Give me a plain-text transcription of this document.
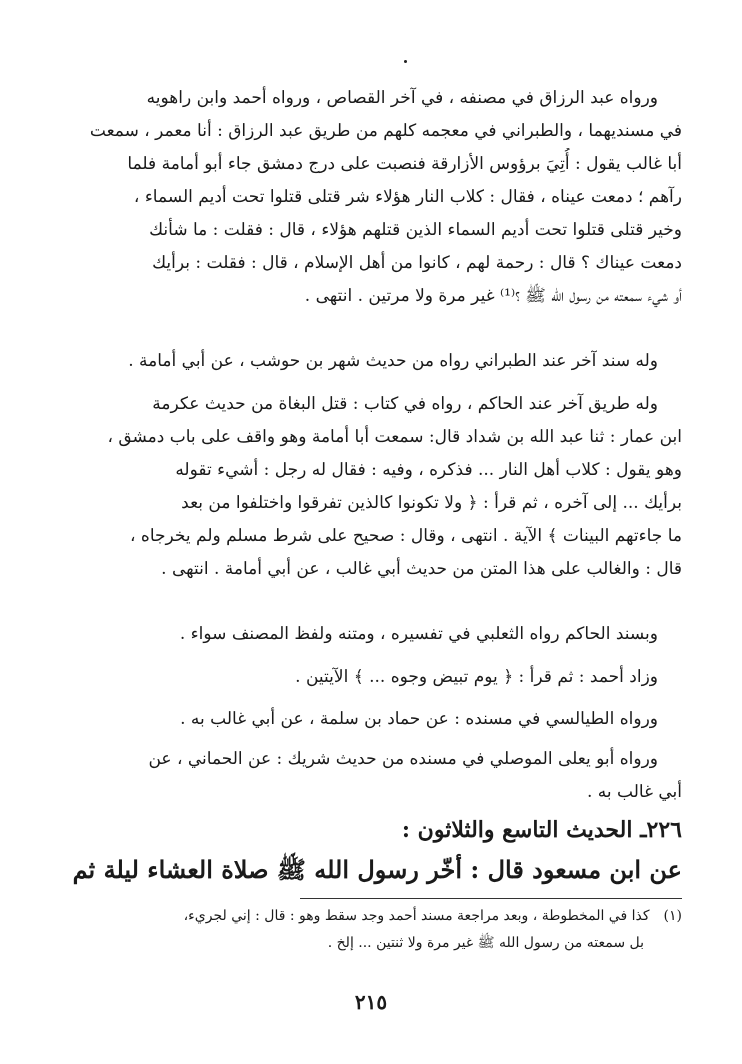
ورواه عبد الرزاق في مصنفه ، في آخر القصاص ، ورواه أحمد وابن راهويه
في مسنديهما ، والطبراني في معجمه كلهم من طريق عبد الرزاق : أنا معمر ، سمعت
أبا غالب يقول : أُتِيَ برؤوس الأزارقة فنصبت على درج دمشق جاء أبو أمامة فلما
رآهم ؛ دمعت عيناه ، فقال : كلاب النار هؤلاء شر قتلى قتلوا تحت أديم السماء ،
وخير قتلى قتلوا تحت أديم السماء الذين قتلهم هؤلاء ، قال : فقلت : ما شأنك
دمعت عيناك ؟ قال : رحمة لهم ، كانوا من أهل الإسلام ، قال : فقلت : برأيك
أو شيء سمعته من رسول الله ﷺ ؟⁽¹⁾ غير مرة ولا مرتين . انتهى .
وله سند آخر عند الطبراني رواه من حديث شهر بن حوشب ، عن أبي أمامة .
وله طريق آخر عند الحاكم ، رواه في كتاب : قتل البغاة من حديث عكرمة
ابن عمار : ثنا عبد الله بن شداد قال: سمعت أبا أمامة وهو واقف على باب دمشق ،
وهو يقول : كلاب أهل النار ... فذكره ، وفيه : فقال له رجل : أشيء تقوله
برأيك ... إلى آخره ، ثم قرأ : ﴿ ولا تكونوا كالذين تفرقوا واختلفوا من بعد
ما جاءتهم البينات ﴾ الآية . انتهى ، وقال : صحيح على شرط مسلم ولم يخرجاه ،
قال : والغالب على هذا المتن من حديث أبي غالب ، عن أبي أمامة . انتهى .
وبسند الحاكم رواه الثعلبي في تفسيره ، ومتنه ولفظ المصنف سواء .
وزاد أحمد : ثم قرأ : ﴿ يوم تبيض وجوه ... ﴾ الآيتين .
ورواه الطيالسي في مسنده : عن حماد بن سلمة ، عن أبي غالب به .
ورواه أبو يعلى الموصلي في مسنده من حديث شريك : عن الحماني ، عن
أبي غالب به .
٢٢٦ـ الحديث التاسع والثلاثون :
عن ابن مسعود قال : أخّر رسول الله ﷺ صلاة العشاء ليلة ثم
(١)كذا في المخطوطة ، وبعد مراجعة مسند أحمد وجد سقط وهو : قال : إني لجريء،
بل سمعته من رسول الله ﷺ غير مرة ولا ثنتين ... إلخ .
٢١٥
